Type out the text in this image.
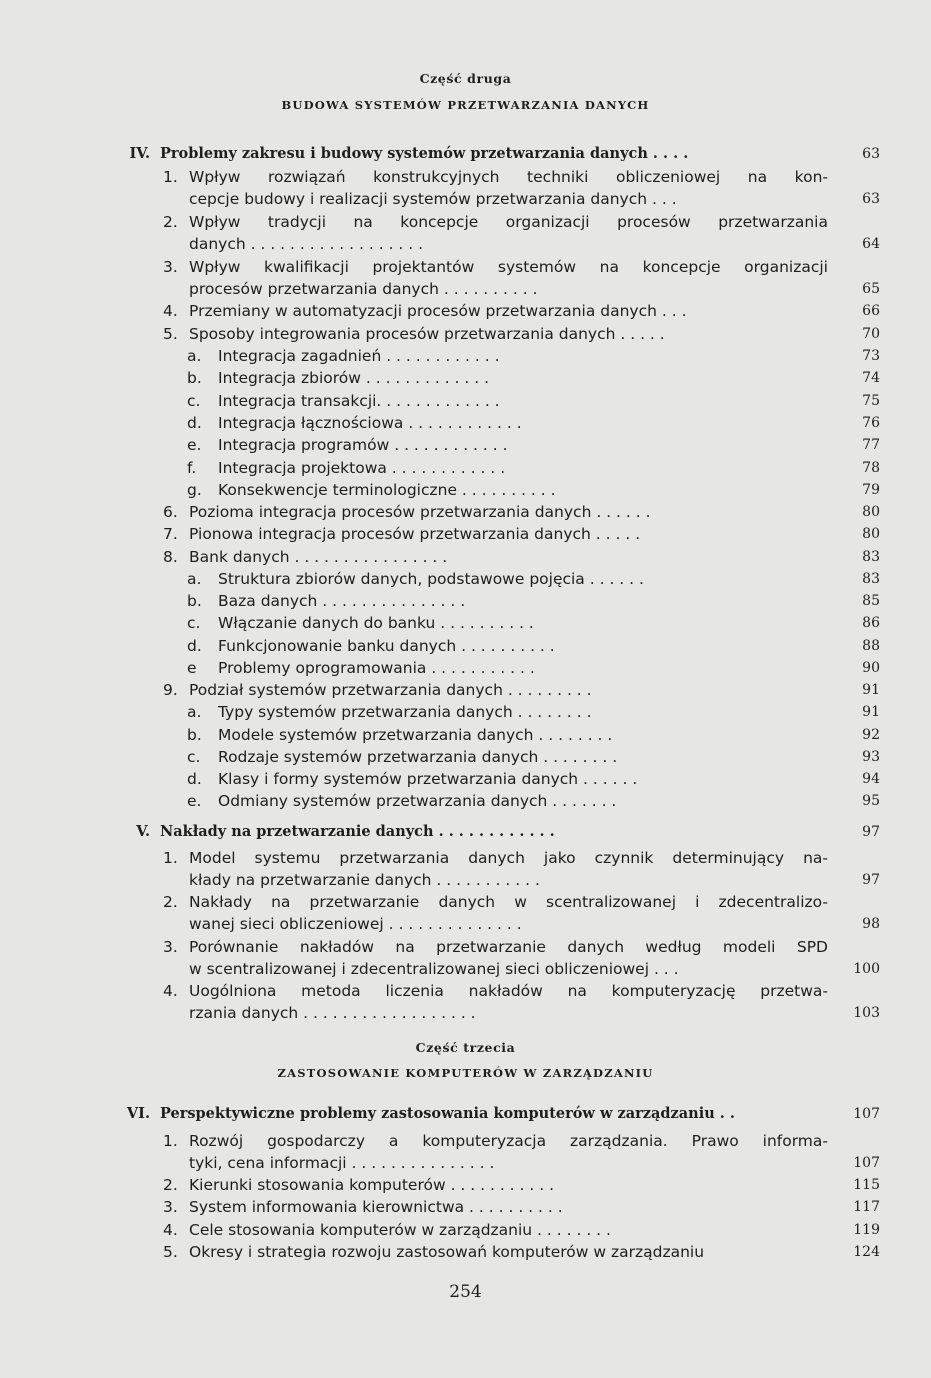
Część druga
BUDOWA SYSTEMÓW PRZETWARZANIA DANYCH
IV. Problemy zakresu i budowy systemów przetwarzania danych . . . .	63
1. Wpływ rozwiązań konstrukcyjnych techniki obliczeniowej na kon-
cepcje budowy i realizacji systemów przetwarzania danych . . .	63
2. Wpływ tradycji na koncepcje organizacji procesów przetwarzania
danych . . . . . . . . . . . . . . . . . .	64
3. Wpływ kwalifikacji projektantów systemów na koncepcje organizacji
procesów przetwarzania danych . . . . . . . . . .	65
4. Przemiany w automatyzacji procesów przetwarzania danych . . .	66
5. Sposoby integrowania procesów przetwarzania danych . . . . .	70
a. Integracja zagadnień . . . . . . . . . . . .	73
b. Integracja zbiorów . . . . . . . . . . . . .	74
c. Integracja transakcji. . . . . . . . . . . . .	75
d. Integracja łącznościowa . . . . . . . . . . . .	76
e. Integracja programów . . . . . . . . . . . .	77
f. Integracja projektowa . . . . . . . . . . . .	78
g. Konsekwencje terminologiczne . . . . . . . . . .	79
6. Pozioma integracja procesów przetwarzania danych . . . . . .	80
7. Pionowa integracja procesów przetwarzania danych . . . . .	80
8. Bank danych . . . . . . . . . . . . . . . .	83
a. Struktura zbiorów danych, podstawowe pojęcia . . . . . .	83
b. Baza danych . . . . . . . . . . . . . . .	85
c. Włączanie danych do banku . . . . . . . . . .	86
d. Funkcjonowanie banku danych . . . . . . . . . .	88
e Problemy oprogramowania . . . . . . . . . . .	90
9. Podział systemów przetwarzania danych . . . . . . . . .	91
a. Typy systemów przetwarzania danych . . . . . . . .	91
b. Modele systemów przetwarzania danych . . . . . . . .	92
c. Rodzaje systemów przetwarzania danych . . . . . . . .	93
d. Klasy i formy systemów przetwarzania danych . . . . . .	94
e. Odmiany systemów przetwarzania danych . . . . . . .	95
V. Nakłady na przetwarzanie danych . . . . . . . . . . . .	97
1. Model systemu przetwarzania danych jako czynnik determinujący na-
kłady na przetwarzanie danych . . . . . . . . . . .	97
2. Nakłady na przetwarzanie danych w scentralizowanej i zdecentralizo-
wanej sieci obliczeniowej . . . . . . . . . . . . . .	98
3. Porównanie nakładów na przetwarzanie danych według modeli SPD
w scentralizowanej i zdecentralizowanej sieci obliczeniowej . . .	100
4. Uogólniona metoda liczenia nakładów na komputeryzację przetwa-
rzania danych . . . . . . . . . . . . . . . . . .	103
VI. Perspektywiczne problemy zastosowania komputerów w zarządzaniu . .	107
1. Rozwój gospodarczy a komputeryzacja zarządzania. Prawo informa-
tyki, cena informacji . . . . . . . . . . . . . . .	107
2. Kierunki stosowania komputerów . . . . . . . . . . .	115
3. System informowania kierownictwa . . . . . . . . . .	117
4. Cele stosowania komputerów w zarządzaniu . . . . . . . .	119
5. Okresy i strategia rozwoju zastosowań komputerów w zarządzaniu	124
Część trzecia
ZASTOSOWANIE KOMPUTERÓW W ZARZĄDZANIU
254
